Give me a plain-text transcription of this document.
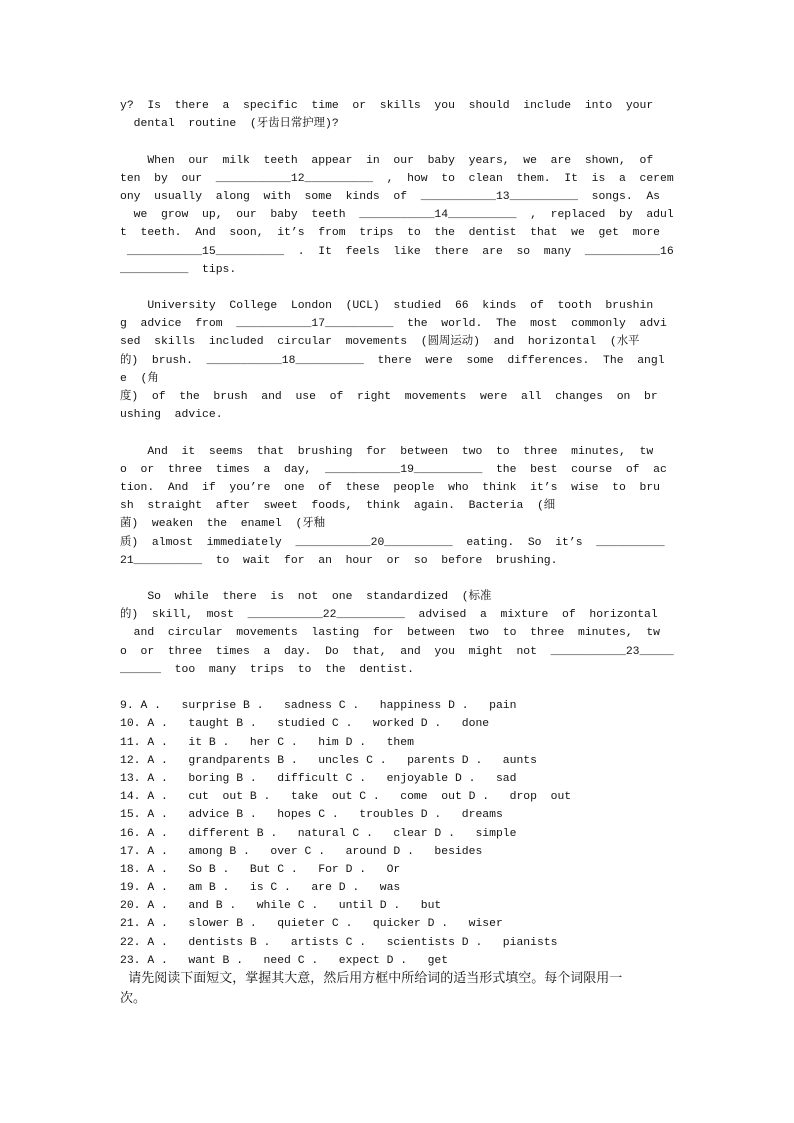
y?  Is  there  a  specific  time  or  skills  you  should  include  into  your
dental  routine  (牙齿日常护理)?
When  our  milk  teeth  appear  in  our  baby  years,  we  are  shown,  of
ten  by  our  ___________12__________  ,  how  to  clean  them.  It  is  a  cerem
ony  usually  along  with  some  kinds  of  ___________13__________  songs.  As
we  grow  up,  our  baby  teeth  ___________14__________  ,  replaced  by  adul
t  teeth.  And  soon,  it’s  from  trips  to  the  dentist  that  we  get  more
___________15__________  .  It  feels  like  there  are  so  many  ___________16
__________  tips.
University  College  London  (UCL)  studied  66  kinds  of  tooth  brushin
g  advice  from  ___________17__________  the  world.  The  most  commonly  advi
sed  skills  included  circular  movements  (圆周运动)  and  horizontal  (水平
的)  brush.  ___________18__________  there  were  some  differences.  The  angl
e  (角
度)  of  the  brush  and  use  of  right  movements  were  all  changes  on  br
ushing  advice.
And  it  seems  that  brushing  for  between  two  to  three  minutes,  tw
o  or  three  times  a  day,  ___________19__________  the  best  course  of  ac
tion.  And  if  you’re  one  of  these  people  who  think  it’s  wise  to  bru
sh  straight  after  sweet  foods,  think  again.  Bacteria  (细
菌)  weaken  the  enamel  (牙釉
质)  almost  immediately  ___________20__________  eating.  So  it’s  __________
21__________  to  wait  for  an  hour  or  so  before  brushing.
So  while  there  is  not  one  standardized  (标准
的)  skill,  most  ___________22__________  advised  a  mixture  of  horizontal
and  circular  movements  lasting  for  between  two  to  three  minutes,  tw
o  or  three  times  a  day.  Do  that,  and  you  might  not  ___________23_____
______  too  many  trips  to  the  dentist.
9. A .   surprise B .   sadness C .   happiness D .   pain
10. A .   taught B .   studied C .   worked D .   done
11. A .   it B .   her C .   him D .   them
12. A .   grandparents B .   uncles C .   parents D .   aunts
13. A .   boring B .   difficult C .   enjoyable D .   sad
14. A .   cut  out B .   take  out C .   come  out D .   drop  out
15. A .   advice B .   hopes C .   troubles D .   dreams
16. A .   different B .   natural C .   clear D .   simple
17. A .   among B .   over C .   around D .   besides
18. A .   So B .   But C .   For D .   Or
19. A .   am B .   is C .   are D .   was
20. A .   and B .   while C .   until D .   but
21. A .   slower B .   quieter C .   quicker D .   wiser
22. A .   dentists B .   artists C .   scientists D .   pianists
23. A .   want B .   need C .   expect D .   get
请先阅读下面短文，掌握其大意，然后用方框中所给词的适当形式填空。每个词限用一
次。
